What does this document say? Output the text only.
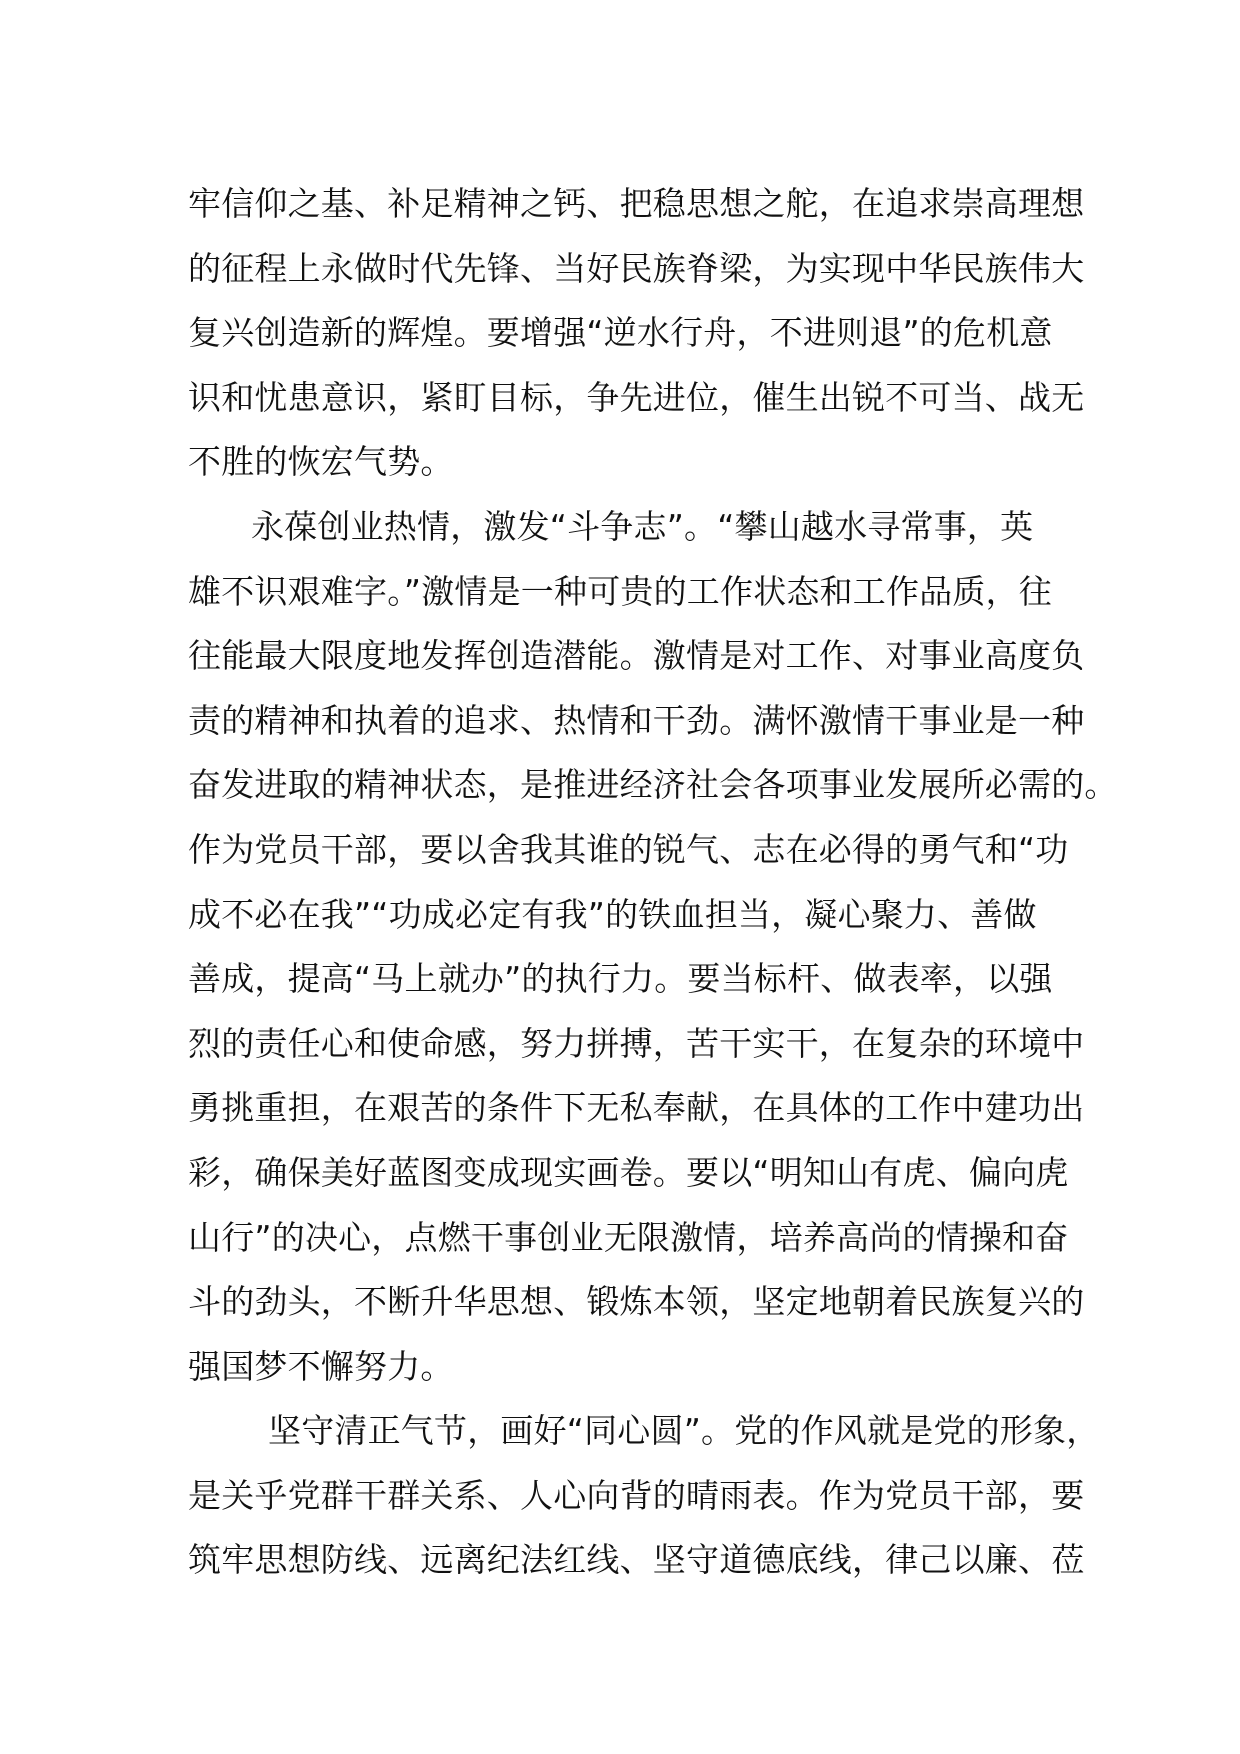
牢信仰之基、补足精神之钙、把稳思想之舵，在追求崇高理想
的征程上永做时代先锋、当好民族脊梁，为实现中华民族伟大
复兴创造新的辉煌。要增强“逆水行舟，不进则退”的危机意
识和忧患意识，紧盯目标，争先进位，催生出锐不可当、战无
不胜的恢宏气势。
永葆创业热情，激发“斗争志”。“攀山越水寻常事，英
雄不识艰难字。”激情是一种可贵的工作状态和工作品质，往
往能最大限度地发挥创造潜能。激情是对工作、对事业高度负
责的精神和执着的追求、热情和干劲。满怀激情干事业是一种
奋发进取的精神状态，是推进经济社会各项事业发展所必需的。
作为党员干部，要以舍我其谁的锐气、志在必得的勇气和“功
成不必在我”“功成必定有我”的铁血担当，凝心聚力、善做
善成，提高“马上就办”的执行力。要当标杆、做表率，以强
烈的责任心和使命感，努力拼搏，苦干实干，在复杂的环境中
勇挑重担，在艰苦的条件下无私奉献，在具体的工作中建功出
彩，确保美好蓝图变成现实画卷。要以“明知山有虎、偏向虎
山行”的决心，点燃干事创业无限激情，培养高尚的情操和奋
斗的劲头，不断升华思想、锻炼本领，坚定地朝着民族复兴的
强国梦不懈努力。
坚守清正气节，画好“同心圆”。党的作风就是党的形象，
是关乎党群干群关系、人心向背的晴雨表。作为党员干部，要
筑牢思想防线、远离纪法红线、坚守道德底线，律己以廉、莅
